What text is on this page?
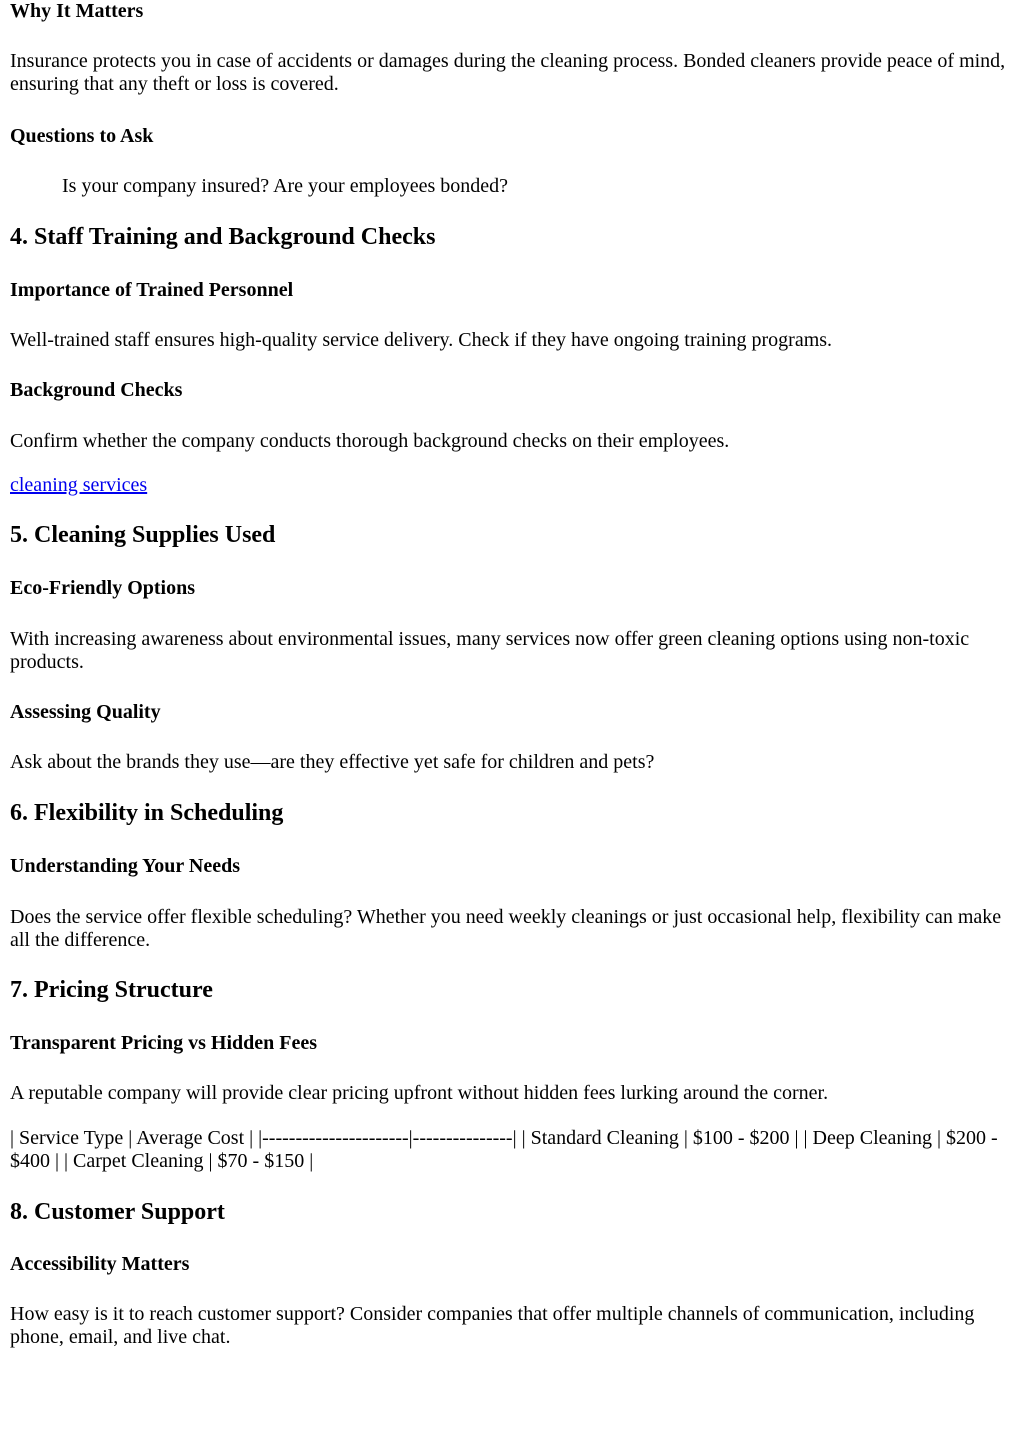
Why It Matters

Insurance protects you in case of accidents or damages during the cleaning process. Bonded cleaners provide peace of mind, ensuring that any theft or loss is covered.

Questions to Ask

Is your company insured? Are your employees bonded?

4. Staff Training and Background Checks
Importance of Trained Personnel

Well-trained staff ensures high-quality service delivery. Check if they have ongoing training programs.

Background Checks

Confirm whether the company conducts thorough background checks on their employees.

cleaning services
5. Cleaning Supplies Used
Eco-Friendly Options

With increasing awareness about environmental issues, many services now offer green cleaning options using non-toxic products.

Assessing Quality

Ask about the brands they use—are they effective yet safe for children and pets?

6. Flexibility in Scheduling
Understanding Your Needs

Does the service offer flexible scheduling? Whether you need weekly cleanings or just occasional help, flexibility can make all the difference.

7. Pricing Structure
Transparent Pricing vs Hidden Fees

A reputable company will provide clear pricing upfront without hidden fees lurking around the corner.

| Service Type | Average Cost | |----------------------|---------------| | Standard Cleaning | $100 - $200 | | Deep Cleaning | $200 - $400 | | Carpet Cleaning | $70 - $150 |

8. Customer Support
Accessibility Matters

How easy is it to reach customer support? Consider companies that offer multiple channels of communication, including phone, email, and live chat.
